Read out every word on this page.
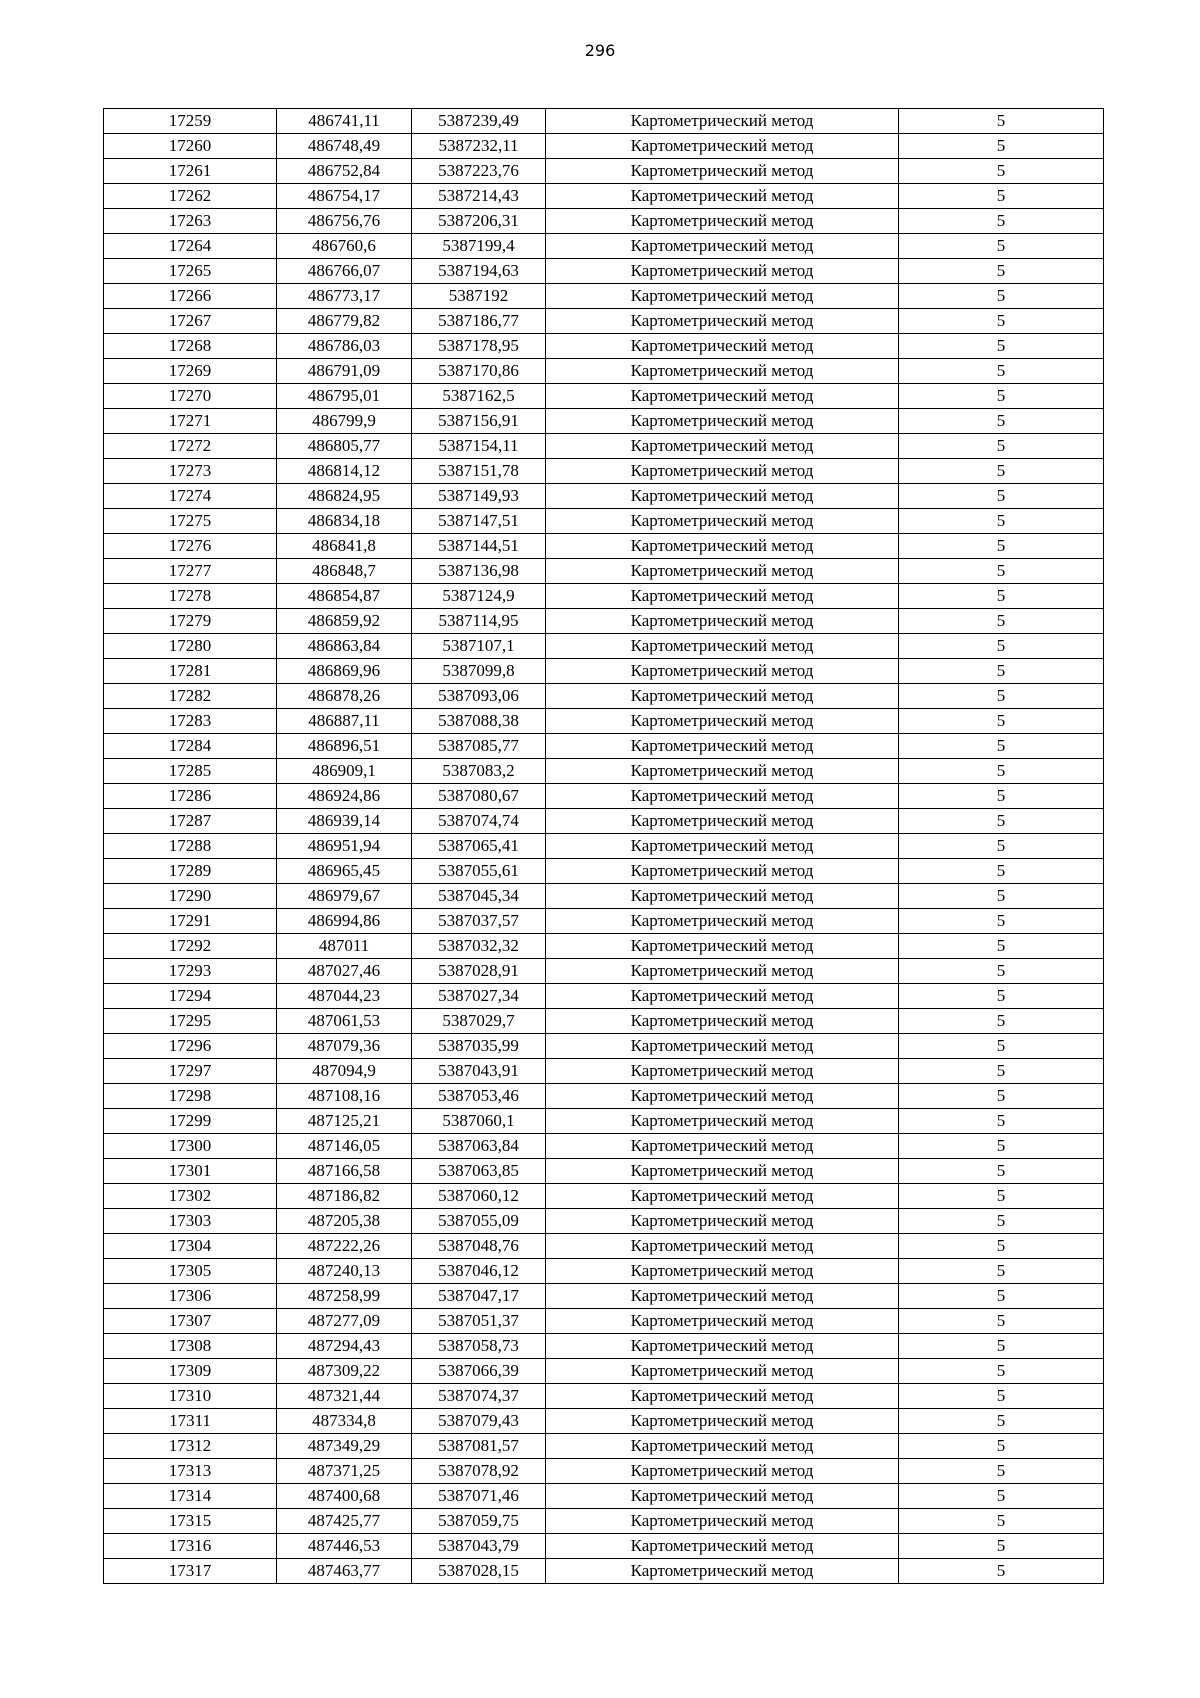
296
17259	486741,11	5387239,49	Картометрический метод	5
17260	486748,49	5387232,11	Картометрический метод	5
17261	486752,84	5387223,76	Картометрический метод	5
17262	486754,17	5387214,43	Картометрический метод	5
17263	486756,76	5387206,31	Картометрический метод	5
17264	486760,6	5387199,4	Картометрический метод	5
17265	486766,07	5387194,63	Картометрический метод	5
17266	486773,17	5387192	Картометрический метод	5
17267	486779,82	5387186,77	Картометрический метод	5
17268	486786,03	5387178,95	Картометрический метод	5
17269	486791,09	5387170,86	Картометрический метод	5
17270	486795,01	5387162,5	Картометрический метод	5
17271	486799,9	5387156,91	Картометрический метод	5
17272	486805,77	5387154,11	Картометрический метод	5
17273	486814,12	5387151,78	Картометрический метод	5
17274	486824,95	5387149,93	Картометрический метод	5
17275	486834,18	5387147,51	Картометрический метод	5
17276	486841,8	5387144,51	Картометрический метод	5
17277	486848,7	5387136,98	Картометрический метод	5
17278	486854,87	5387124,9	Картометрический метод	5
17279	486859,92	5387114,95	Картометрический метод	5
17280	486863,84	5387107,1	Картометрический метод	5
17281	486869,96	5387099,8	Картометрический метод	5
17282	486878,26	5387093,06	Картометрический метод	5
17283	486887,11	5387088,38	Картометрический метод	5
17284	486896,51	5387085,77	Картометрический метод	5
17285	486909,1	5387083,2	Картометрический метод	5
17286	486924,86	5387080,67	Картометрический метод	5
17287	486939,14	5387074,74	Картометрический метод	5
17288	486951,94	5387065,41	Картометрический метод	5
17289	486965,45	5387055,61	Картометрический метод	5
17290	486979,67	5387045,34	Картометрический метод	5
17291	486994,86	5387037,57	Картометрический метод	5
17292	487011	5387032,32	Картометрический метод	5
17293	487027,46	5387028,91	Картометрический метод	5
17294	487044,23	5387027,34	Картометрический метод	5
17295	487061,53	5387029,7	Картометрический метод	5
17296	487079,36	5387035,99	Картометрический метод	5
17297	487094,9	5387043,91	Картометрический метод	5
17298	487108,16	5387053,46	Картометрический метод	5
17299	487125,21	5387060,1	Картометрический метод	5
17300	487146,05	5387063,84	Картометрический метод	5
17301	487166,58	5387063,85	Картометрический метод	5
17302	487186,82	5387060,12	Картометрический метод	5
17303	487205,38	5387055,09	Картометрический метод	5
17304	487222,26	5387048,76	Картометрический метод	5
17305	487240,13	5387046,12	Картометрический метод	5
17306	487258,99	5387047,17	Картометрический метод	5
17307	487277,09	5387051,37	Картометрический метод	5
17308	487294,43	5387058,73	Картометрический метод	5
17309	487309,22	5387066,39	Картометрический метод	5
17310	487321,44	5387074,37	Картометрический метод	5
17311	487334,8	5387079,43	Картометрический метод	5
17312	487349,29	5387081,57	Картометрический метод	5
17313	487371,25	5387078,92	Картометрический метод	5
17314	487400,68	5387071,46	Картометрический метод	5
17315	487425,77	5387059,75	Картометрический метод	5
17316	487446,53	5387043,79	Картометрический метод	5
17317	487463,77	5387028,15	Картометрический метод	5
